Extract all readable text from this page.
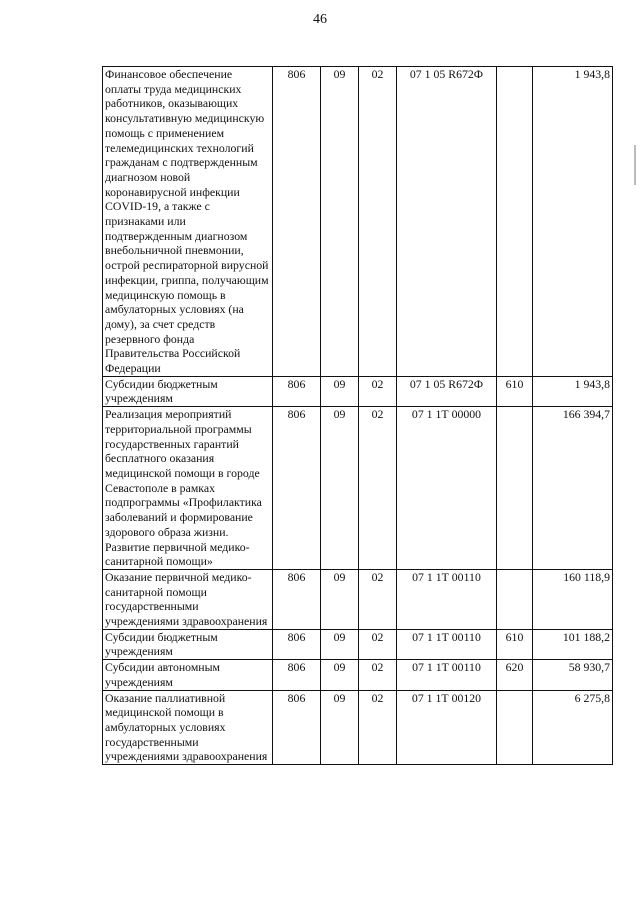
46
Финансовое обеспечение оплаты труда медицинских работников, оказывающих консультативную медицинскую помощь с применением телемедицинских технологий гражданам с подтвержденным диагнозом новой коронавирусной инфекции COVID-19, а также с признаками или подтвержденным диагнозом внебольничной пневмонии, острой респираторной вирусной инфекции, гриппа, получающим медицинскую помощь в амбулаторных условиях (на дому), за счет средств резервного фонда Правительства Российской Федерации	806	09	02	07 1 05 R672Ф		1 943,8
Субсидии бюджетным учреждениям	806	09	02	07 1 05 R672Ф	610	1 943,8
Реализация мероприятий территориальной программы государственных гарантий бесплатного оказания медицинской помощи в городе Севастополе в рамках подпрограммы «Профилактика заболеваний и формирование здорового образа жизни. Развитие первичной медико-санитарной помощи»	806	09	02	07 1 1Т 00000		166 394,7
Оказание первичной медико-санитарной помощи государственными учреждениями здравоохранения	806	09	02	07 1 1Т 00110		160 118,9
Субсидии бюджетным учреждениям	806	09	02	07 1 1Т 00110	610	101 188,2
Субсидии автономным учреждениям	806	09	02	07 1 1Т 00110	620	58 930,7
Оказание паллиативной медицинской помощи в амбулаторных условиях государственными учреждениями здравоохранения	806	09	02	07 1 1Т 00120		6 275,8
